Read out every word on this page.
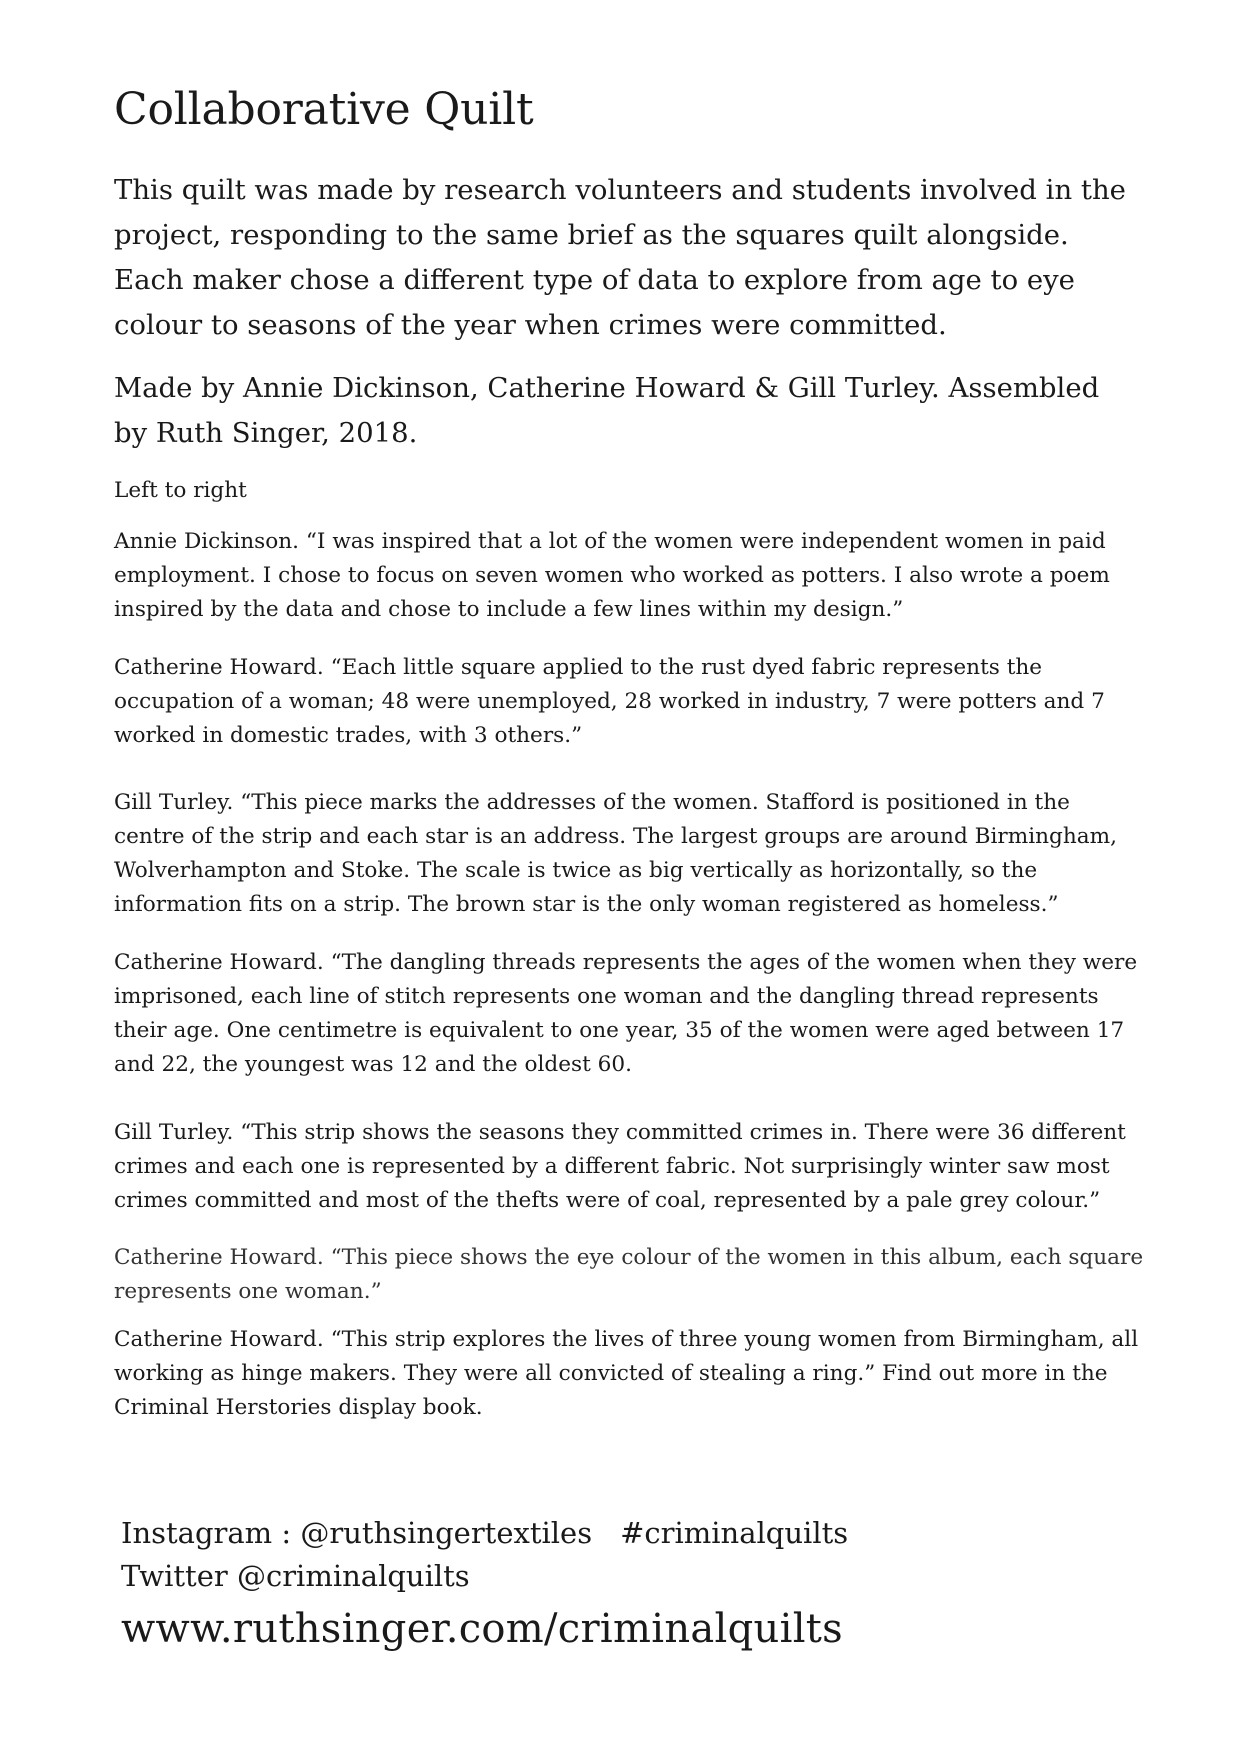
Collaborative Quilt

This quilt was made by research volunteers and students involved in the project, responding to the same brief as the squares quilt alongside. Each maker chose a different type of data to explore from age to eye colour to seasons of the year when crimes were committed.

Made by Annie Dickinson, Catherine Howard & Gill Turley. Assembled by Ruth Singer, 2018.

Left to right

Annie Dickinson. “I was inspired that a lot of the women were independent women in paid employment. I chose to focus on seven women who worked as potters. I also wrote a poem inspired by the data and chose to include a few lines within my design.”

Catherine Howard. “Each little square applied to the rust dyed fabric represents the occupation of a woman; 48 were unemployed, 28 worked in industry, 7 were potters and 7 worked in domestic trades, with 3 others.”

Gill Turley. “This piece marks the addresses of the women. Stafford is positioned in the centre of the strip and each star is an address. The largest groups are around Birmingham, Wolverhampton and Stoke. The scale is twice as big vertically as horizontally, so the information fits on a strip. The brown star is the only woman registered as homeless.”

Catherine Howard. “The dangling threads represents the ages of the women when they were imprisoned, each line of stitch represents one woman and the dangling thread represents their age. One centimetre is equivalent to one year, 35 of the women were aged between 17 and 22, the youngest was 12 and the oldest 60.

Gill Turley. “This strip shows the seasons they committed crimes in. There were 36 different crimes and each one is represented by a different fabric. Not surprisingly winter saw most crimes committed and most of the thefts were of coal, represented by a pale grey colour.”

Catherine Howard. “This piece shows the eye colour of the women in this album, each square represents one woman.”

Catherine Howard. “This strip explores the lives of three young women from Birmingham, all working as hinge makers. They were all convicted of stealing a ring.” Find out more in the Criminal Herstories display book.

Instagram : @ruthsingertextiles #criminalquilts

Twitter @criminalquilts

www.ruthsinger.com/criminalquilts
